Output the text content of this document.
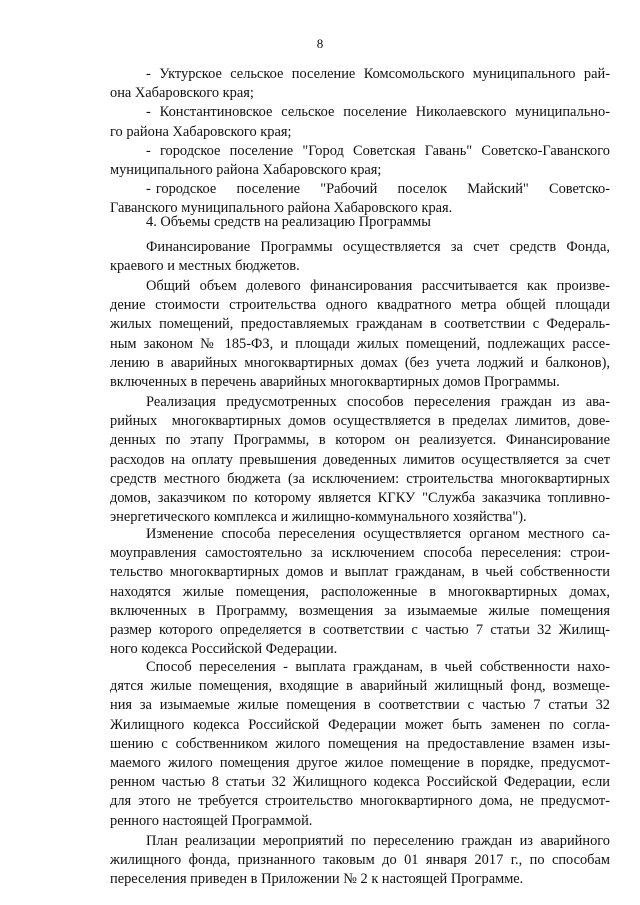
8
- Уктурское сельское поселение Комсомольского муниципального рай-
она Хабаровского края;
- Константиновское сельское поселение Николаевского муниципально-
го района Хабаровского края;
- городское поселение "Город Советская Гавань" Советско-Гаванского
муниципального района Хабаровского края;
- городское    поселение    "Рабочий    поселок    Майский"    Советско-
Гаванского муниципального района Хабаровского края.
4. Объемы средств на реализацию Программы
Финансирование Программы осуществляется за счет средств Фонда,
краевого и местных бюджетов.
Общий объем долевого финансирования рассчитывается как произве-
дение стоимости строительства одного квадратного метра общей площади
жилых помещений, предоставляемых гражданам в соответствии с Федераль-
ным законом № 185-ФЗ, и площади жилых помещений, подлежащих рассе-
лению в аварийных многоквартирных домах (без учета лоджий и балконов),
включенных в перечень аварийных многоквартирных домов Программы.
Реализация предусмотренных способов переселения граждан из ава-
рийных  многоквартирных домов осуществляется в пределах лимитов, дове-
денных по этапу Программы, в котором он реализуется. Финансирование
расходов на оплату превышения доведенных лимитов осуществляется за счет
средств местного бюджета (за исключением: строительства многоквартирных
домов, заказчиком по которому является КГКУ "Служба заказчика топливно-
энергетического комплекса и жилищно-коммунального хозяйства").
Изменение способа переселения осуществляется органом местного са-
моуправления самостоятельно за исключением способа переселения: строи-
тельство многоквартирных домов и выплат гражданам, в чьей собственности
находятся жилые помещения, расположенные в многоквартирных домах,
включенных в Программу, возмещения за изымаемые жилые помещения
размер которого определяется в соответствии с частью 7 статьи 32 Жилищ-
ного кодекса Российской Федерации.
Способ переселения - выплата гражданам, в чьей собственности нахо-
дятся жилые помещения, входящие в аварийный жилищный фонд, возмеще-
ния за изымаемые жилые помещения в соответствии с частью 7 статьи 32
Жилищного кодекса Российской Федерации может быть заменен по согла-
шению с собственником жилого помещения на предоставление взамен изы-
маемого жилого помещения другое жилое помещение в порядке, предусмот-
ренном частью 8 статьи 32 Жилищного кодекса Российской Федерации, если
для этого не требуется строительство многоквартирного дома, не предусмот-
ренного настоящей Программой.
План реализации мероприятий по переселению граждан из аварийного
жилищного фонда, признанного таковым до 01 января 2017 г., по способам
переселения приведен в Приложении № 2 к настоящей Программе.
